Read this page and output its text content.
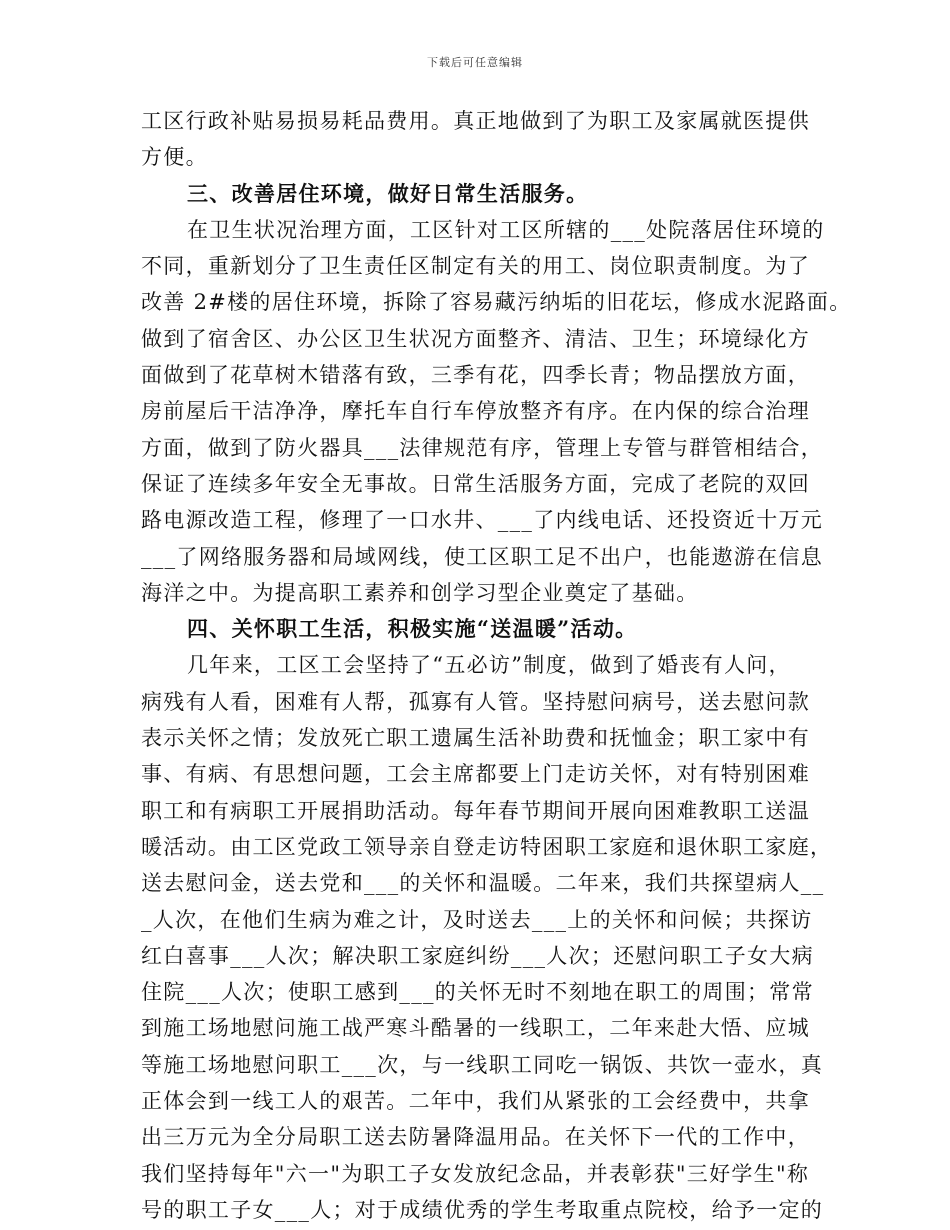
下载后可任意编辑
工区行政补贴易损易耗品费用。真正地做到了为职工及家属就医提供
方便。
三、改善居住环境，做好日常生活服务。
在卫生状况治理方面，工区针对工区所辖的___处院落居住环境的
不同，重新划分了卫生责任区制定有关的用工、岗位职责制度。为了
改善 2#楼的居住环境，拆除了容易藏污纳垢的旧花坛，修成水泥路面。
做到了宿舍区、办公区卫生状况方面整齐、清洁、卫生；环境绿化方
面做到了花草树木错落有致，三季有花，四季长青；物品摆放方面，
房前屋后干洁净净，摩托车自行车停放整齐有序。在内保的综合治理
方面，做到了防火器具___法律规范有序，管理上专管与群管相结合，
保证了连续多年安全无事故。日常生活服务方面，完成了老院的双回
路电源改造工程，修理了一口水井、___了内线电话、还投资近十万元
___了网络服务器和局域网线，使工区职工足不出户，也能遨游在信息
海洋之中。为提高职工素养和创学习型企业奠定了基础。
四、关怀职工生活，积极实施“送温暖”活动。
几年来，工区工会坚持了“五必访”制度，做到了婚丧有人问，
病残有人看，困难有人帮，孤寡有人管。坚持慰问病号，送去慰问款
表示关怀之情；发放死亡职工遗属生活补助费和抚恤金；职工家中有
事、有病、有思想问题，工会主席都要上门走访关怀，对有特别困难
职工和有病职工开展捐助活动。每年春节期间开展向困难教职工送温
暖活动。由工区党政工领导亲自登走访特困职工家庭和退休职工家庭，
送去慰问金，送去党和___的关怀和温暖。二年来，我们共探望病人__
_人次，在他们生病为难之计，及时送去___上的关怀和问候；共探访
红白喜事___人次；解决职工家庭纠纷___人次；还慰问职工子女大病
住院___人次；使职工感到___的关怀无时不刻地在职工的周围；常常
到施工场地慰问施工战严寒斗酷暑的一线职工，二年来赴大悟、应城
等施工场地慰问职工___次，与一线职工同吃一锅饭、共饮一壶水，真
正体会到一线工人的艰苦。二年中，我们从紧张的工会经费中，共拿
出三万元为全分局职工送去防暑降温用品。在关怀下一代的工作中，
我们坚持每年"六一"为职工子女发放纪念品，并表彰获"三好学生"称
号的职工子女___人；对于成绩优秀的学生考取重点院校，给予一定的
